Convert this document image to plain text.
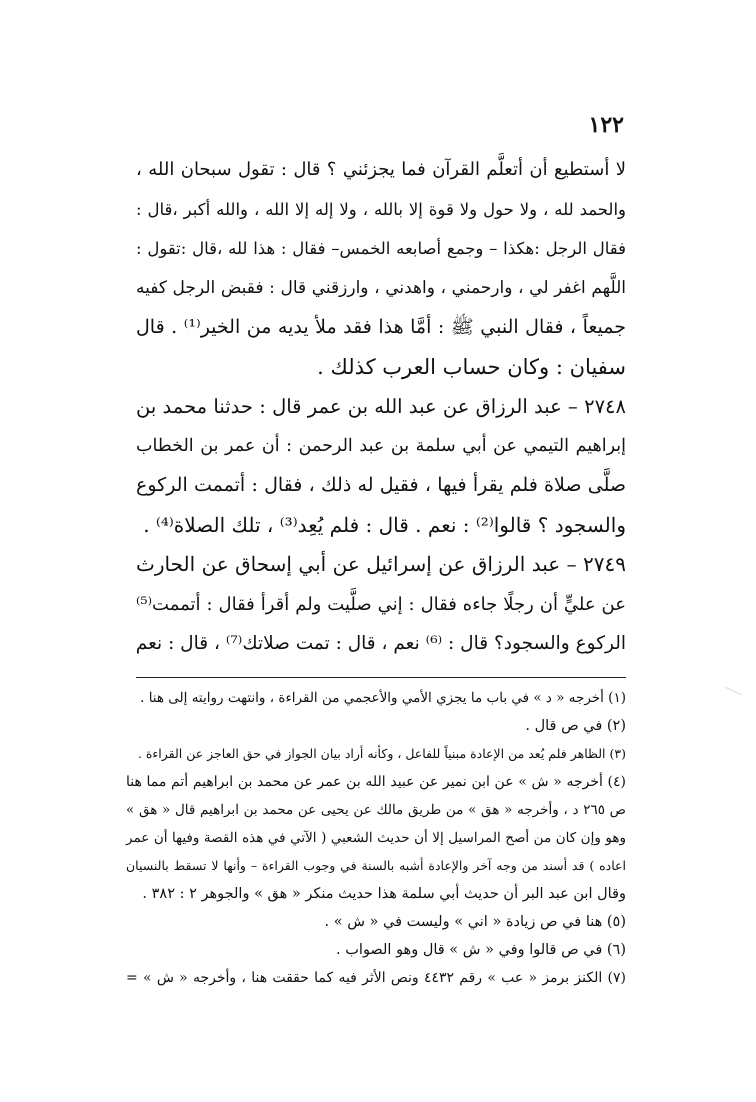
١٢٢
لا أستطيع أن أتعلَّم القرآن فما يجزئني ؟ قال : تقول سبحان الله ،
والحمد لله ، ولا حول ولا قوة إلا بالله ، ولا إله إلا الله ، والله أكبر ،قال :
فقال الرجل :هكذا – وجمع أصابعه الخمس– فقال : هذا لله ،قال :تقول :
اللَّهم اغفر لي ، وارحمني ، واهدني ، وارزقني قال : فقبض الرجل كفيه
جميعاً ، فقال النبي ﷺ : أمَّا هذا فقد ملأ يديه من الخير⁽¹⁾ . قال
سفيان : وكان حساب العرب كذلك .
٢٧٤٨ – عبد الرزاق عن عبد الله بن عمر قال : حدثنا محمد بن
إبراهيم التيمي عن أبي سلمة بن عبد الرحمن : أن عمر بن الخطاب
صلَّى صلاة فلم يقرأ فيها ، فقيل له ذلك ، فقال : أتممت الركوع
والسجود ؟ قالوا⁽²⁾ : نعم . قال : فلم يُعِد⁽³⁾ ، تلك الصلاة⁽⁴⁾ .
٢٧٤٩ – عبد الرزاق عن إسرائيل عن أبي إسحاق عن الحارث
عن عليٍّ أن رجلًا جاءه فقال : إني صلَّيت ولم أقرأ فقال : أتممت⁽⁵⁾
الركوع والسجود؟ قال : ⁽⁶⁾ نعم ، قال : تمت صلاتك⁽⁷⁾ ، قال : نعم
(١) أخرجه « د » في باب ما يجزي الأمي والأعجمي من القراءة ، وانتهت روايته إلى هنا .
(٢) في ص قال .
(٣) الظاهر فلم يُعد من الإعادة مبنياً للفاعل ، وكأنه أراد بيان الجواز في حق العاجز عن القراءة .
(٤) أخرجه « ش » عن ابن نمير عن عبيد الله بن عمر عن محمد بن ابراهيم أتم مما هنا
ص ٢٦٥ د ، وأخرجه « هق » من طريق مالك عن يحيى عن محمد بن ابراهيم قال « هق »
وهو وإن كان من أصح المراسيل إلا أن حديث الشعبي ( الآتي في هذه القصة وفيها أن عمر
اعاده ) قد أسند من وجه آخر والإعادة أشبه بالسنة في وجوب القراءة – وأنها لا تسقط بالنسيان
وقال ابن عبد البر أن حديث أبي سلمة هذا حديث منكر « هق » والجوهر ٢ : ٣٨٢ .
(٥) هنا في ص زيادة « اني » وليست في « ش » .
(٦) في ص قالوا وفي « ش » قال وهو الصواب .
(٧) الكنز برمز « عب » رقم ٤٤٣٢ ونص الأثر فيه كما حققت هنا ، وأخرجه « ش » =
